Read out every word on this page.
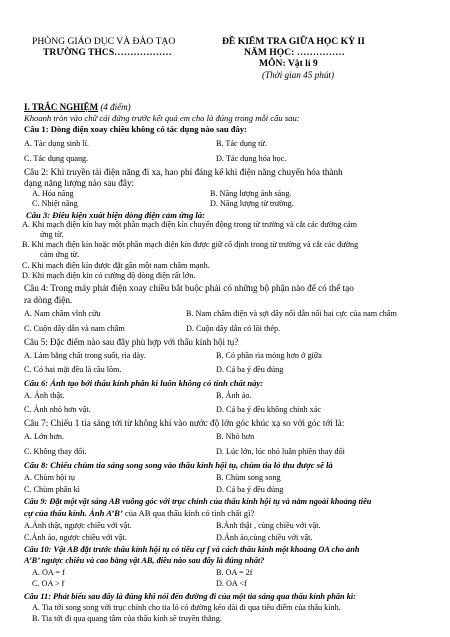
PHÒNG GIÁO DỤC VÀ ĐÀO TẠO
TRƯỜNG THCS………………
ĐỀ KIỂM TRA GIỮA HỌC KỲ II
NĂM HỌC: ……………
MÔN: Vật lí 9
(Thời gian 45 phút)
I. TRẮC NGHIỆM (4 điểm)
Khoanh tròn vào chữ cái đứng trước kết quả em cho là đúng trong mỗi câu sau:
Câu 1: Dòng điện xoay chiều không có tác dụng nào sau đây:
A. Tác dụng sinh lí.	B. Tác dụng từ.
C. Tác dụng quang.	D. Tác dụng hóa học.
Câu 2: Khi truyền tải điện năng đi xa, hao phí đáng kể khi điện năng chuyển hóa thành
dạng năng lượng nào sau đây:
A. Hóa năng	B. Năng lượng ánh sáng.
C. Nhiệt năng	D. Năng lượng từ trường.
Câu 3: Điều kiện xuất hiện dòng điện cảm ứng là:
A. Khi mạch điện kín hay một phần mạch điện kín chuyển động trong từ trường và cắt các đường cảm
ứng từ.
B. Khi mạch điện kín hoặc một phần mạch điện kín được giữ cố định trong từ trường và cắt các đường
cảm ứng từ.
C. Khi mạch điện kín được đặt gần một nam châm mạnh.
D. Khi mạch điện kín có cường độ dòng điện rất lớn.
Câu 4: Trong máy phát điện xoay chiều bắt buộc phải có những bộ phận nào để có thể tạo
ra dòng điện.
A. Nam châm vĩnh cửu	B. Nam châm điện và sợi dây nối dẫn nối hai cực của nam châm
C. Cuộn dây dẫn và nam châm	D. Cuộn dây dẫn có lõi thép.
Câu 5: Đặc điểm nào sau đây phù hợp với thấu kính hội tụ?
A. Làm bằng chất trong suốt, rìa dày.	B. Có phần rìa mỏng hơn ở giữa
C. Có hai mặt đều là cầu lõm.	D. Cả ba ý đều đúng
Câu 6: Ảnh tạo bởi thấu kính phân kì luôn không có tính chất này:
A. Ảnh thật.	B. Ảnh ảo.
C. Ảnh nhỏ hơn vật.	D. Cả ba ý đều không chính xác
Câu 7: Chiếu 1 tia sáng tới từ không khí vào nước độ lớn góc khúc xạ so với góc tới là:
A. Lớn hơn.	B. Nhỏ hơn
C. Không thay đổi.	D. Lúc lớn, lúc nhỏ luân phiên thay đổi
Câu 8: Chiếu chùm tia sáng song song vào thấu kính hội tụ, chùm tia ló thu được sẽ là
A. Chùm hội tụ	B. Chùm song song
C. Chùm phân kì	D. Cả ba ý đều đúng
Câu 9: Đặt một vật sáng AB vuông góc với trục chính của thấu kính hội tụ và nằm ngoài khoảng tiêu
cự của thấu kính. Ảnh A’B’ của AB qua thấu kính có tính chất gì?
A.Ảnh thật, ngược chiều với vật.	B.Ảnh thật , cùng chiều với vật.
C.Ảnh ảo, ngược chiều với vật.	D.Ảnh ảo,cùng chiều với vật.
Câu 10: Vật AB đặt trước thấu kính hội tụ có tiêu cự f và cách thấu kính một khoảng OA cho ảnh
A’B’ ngược chiều và cao bằng vật AB, điều nào sau đây là đúng nhất?
A. OA = f	B. OA = 2f
C. OA > f	D. OA <f
Câu 11: Phát biểu sau đây là đúng khi nói đến đường đi của một tia sáng qua thấu kính phân kì:
A. Tia tới song song với trục chính cho tia ló có đường kéo dài đi qua tiêu điểm của thấu kính.
B. Tia tới đi qua quang tâm của thấu kính sẽ truyền thẳng.
